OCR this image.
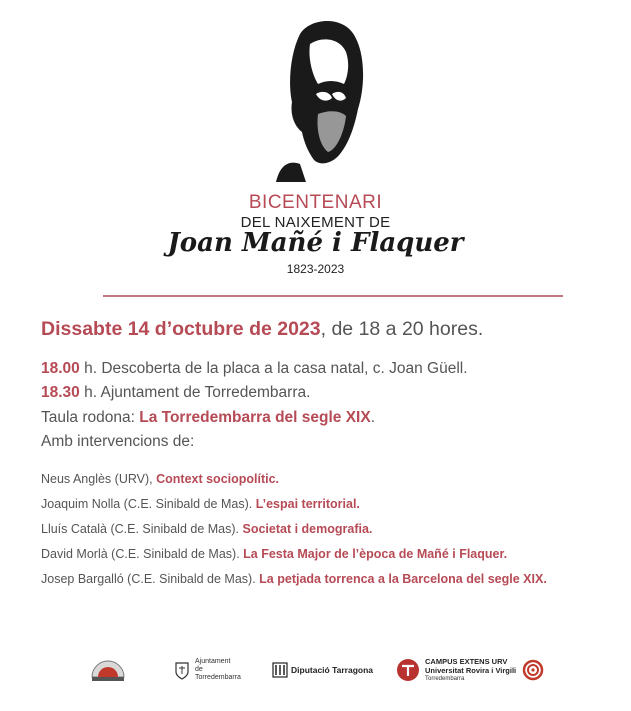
BICENTENARI
DEL NAIXEMENT DE
Joan Mañé i Flaquer
1823-2023
Dissabte 14 d’octubre de 2023, de 18 a 20 hores.
18.00 h. Descoberta de la placa a la casa natal, c. Joan Güell.
18.30 h. Ajuntament de Torredembarra.
Taula rodona: La Torredembarra del segle XIX.
Amb intervencions de:
Neus Anglès (URV), Context sociopolític.
Joaquim Nolla (C.E. Sinibald de Mas). L’espai territorial.
Lluís Català (C.E. Sinibald de Mas). Societat i demografia.
David Morlà (C.E. Sinibald de Mas). La Festa Major de l’època de Mañé i Flaquer.
Josep Bargalló (C.E. Sinibald de Mas). La petjada torrenca a la Barcelona del segle XIX.
Ajuntament de Torredembarra
Diputació Tarragona
CAMPUS EXTENS URV
Universitat Rovira i Virgili
Torredembarra
